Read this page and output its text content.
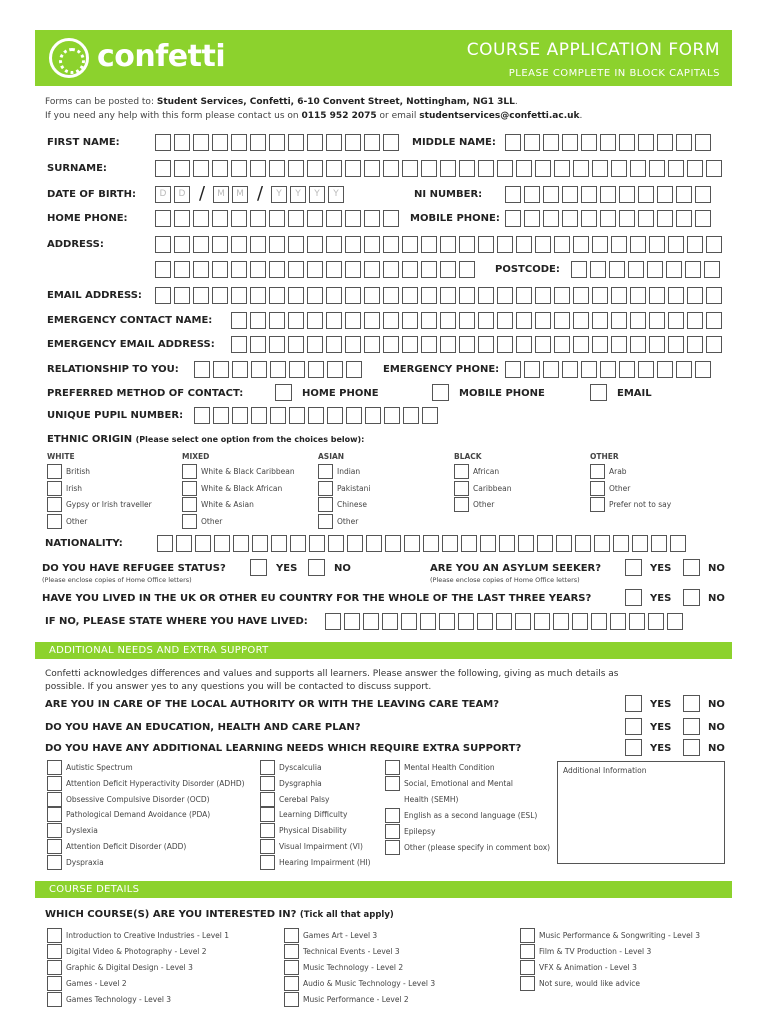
confetti	COURSE APPLICATION FORM
PLEASE COMPLETE IN BLOCK CAPITALS
Forms can be posted to: Student Services, Confetti, 6-10 Convent Street, Nottingham, NG1 3LL.
If you need any help with this form please contact us on 0115 952 2075 or email studentservices@confetti.ac.uk.
FIRST NAME:	MIDDLE NAME:
SURNAME:
DATE OF BIRTH:	D	D /	M	M /	Y	Y	Y	Y	NI NUMBER:
HOME PHONE:	MOBILE PHONE:
ADDRESS:
POSTCODE:
EMAIL ADDRESS:
EMERGENCY CONTACT NAME:
EMERGENCY EMAIL ADDRESS:
RELATIONSHIP TO YOU:	EMERGENCY PHONE:
PREFERRED METHOD OF CONTACT:	HOME PHONE	MOBILE PHONE	EMAIL
UNIQUE PUPIL NUMBER:
ETHNIC ORIGIN (Please select one option from the choices below):
WHITE
British
Irish
Gypsy or Irish traveller
Other
MIXED
White & Black Caribbean
White & Black African
White & Asian
Other
ASIAN
Indian
Pakistani
Chinese
Other
BLACK
African
Caribbean
Other
OTHER
Arab
Other
Prefer not to say
NATIONALITY:
DO YOU HAVE REFUGEE STATUS?
(Please enclose copies of Home Office letters)
YES	NO	ARE YOU AN ASYLUM SEEKER?
(Please enclose copies of Home Office letters)
YES	NO
HAVE YOU LIVED IN THE UK OR OTHER EU COUNTRY FOR THE WHOLE OF THE LAST THREE YEARS?	YES	NO
IF NO, PLEASE STATE WHERE YOU HAVE LIVED:
ADDITIONAL NEEDS AND EXTRA SUPPORT
Confetti acknowledges differences and values and supports all learners. Please answer the following, giving as much details as
possible. If you answer yes to any questions you will be contacted to discuss support.
ARE YOU IN CARE OF THE LOCAL AUTHORITY OR WITH THE LEAVING CARE TEAM?	YES	NO
DO YOU HAVE AN EDUCATION, HEALTH AND CARE PLAN?	YES	NO
DO YOU HAVE ANY ADDITIONAL LEARNING NEEDS WHICH REQUIRE EXTRA SUPPORT?	YES	NO
Autistic Spectrum
Attention Deficit Hyperactivity Disorder (ADHD)
Obsessive Compulsive Disorder (OCD)
Pathological Demand Avoidance (PDA)
Dyslexia
Attention Deficit Disorder (ADD)
Dyspraxia
Dyscalculia
Dysgraphia
Cerebal Palsy
Learning Difficulty
Physical Disability
Visual Impairment (VI)
Hearing Impairment (HI)
Mental Health Condition
Social, Emotional and Mental
Health (SEMH)
English as a second language (ESL)
Epilepsy
Other (please specify in comment box)
Additional Information
COURSE DETAILS
WHICH COURSE(S) ARE YOU INTERESTED IN? (Tick all that apply)
Introduction to Creative Industries - Level 1
Digital Video & Photography - Level 2
Graphic & Digital Design - Level 3
Games - Level 2
Games Technology - Level 3
Games Art - Level 3
Technical Events - Level 3
Music Technology - Level 2
Audio & Music Technology - Level 3
Music Performance - Level 2
Music Performance & Songwriting - Level 3
Film & TV Production - Level 3
VFX & Animation - Level 3
Not sure, would like advice
